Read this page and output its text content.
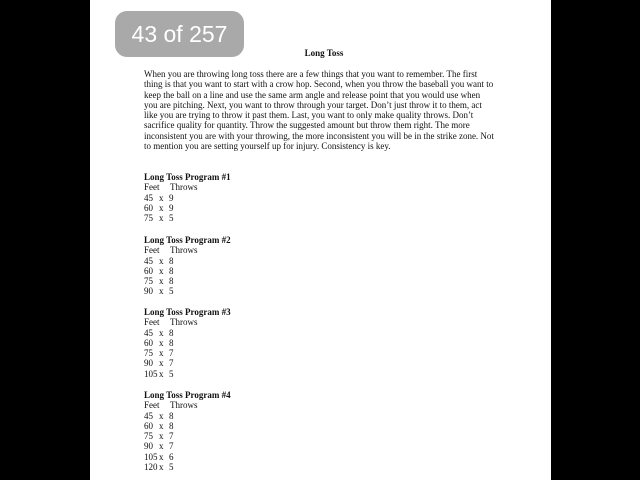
Long Toss

When you are throwing long toss there are a few things that you want to remember. The first thing is that you want to start with a crow hop. Second, when you throw the baseball you want to keep the ball on a line and use the same arm angle and release point that you would use when you are pitching. Next, you want to throw through your target. Don’t just throw it to them, act like you are trying to throw it past them. Last, you want to only make quality throws. Don’t sacrifice quality for quantity. Throw the suggested amount but throw them right. The more inconsistent you are with your throwing, the more inconsistent you will be in the strike zone. Not to mention you are setting yourself up for injury. Consistency is key.

Long Toss Program #1
Feet Throws
45 x 9
60 x 9
75 x 5
Long Toss Program #2
Feet Throws
45 x 8
60 x 8
75 x 8
90 x 5
Long Toss Program #3
Feet Throws
45 x 8
60 x 8
75 x 7
90 x 7
105 x 5
Long Toss Program #4
Feet Throws
45 x 8
60 x 8
75 x 7
90 x 7
105 x 6
120 x 5
43 of 257
